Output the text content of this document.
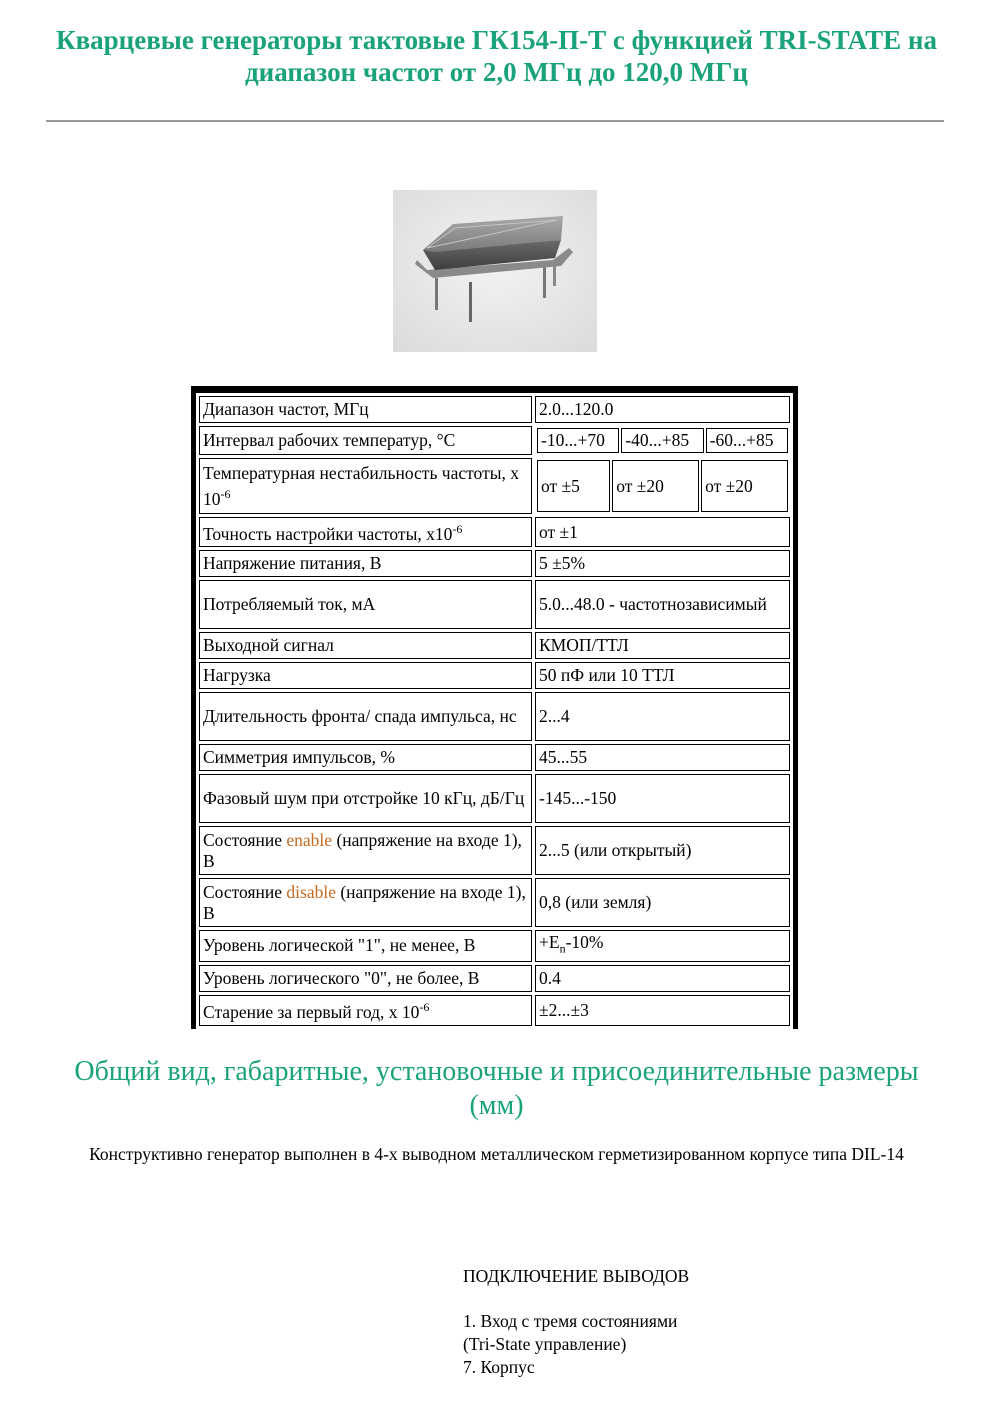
Кварцевые генераторы тактовые ГК154-П-Т с функцией TRI-STATE на диапазон частот от 2,0 МГц до 120,0 МГц
Диапазон частот, МГц	2.0...120.0
Интервал рабочих температур, °С		-10...+70	-40...+85	-60...+85

Температурная нестабильность частоты, х $10^{-6}$		от ±5	от ±20	от ±20

Точность настройки частоты, $х10^{-6}$	от ±1
Напряжение питания, В	5 ±5%
Потребляемый ток, мА	5.0...48.0 - частотнозависимый
Выходной сигнал	КМОП/ТТЛ
Нагрузка	50 пФ или 10 ТТЛ
Длительность фронта/ спада импульса, нс	2...4
Симметрия импульсов, %	45...55
Фазовый шум при отстройке 10 кГц, дБ/Гц	-145...-150
Состояние enable (напряжение на входе 1), В	2...5 (или открытый)
Состояние disable (напряжение на входе 1), В	0,8 (или земля)
Уровень логической "1", не менее, В	$+E_n-10\%$
Уровень логического "0", не более, В	0.4
Старение за первый год, х $10^{-6}$	±2...±3
Общий вид, габаритные, установочные и присоединительные размеры (мм)

Конструктивно генератор выполнен в 4-х выводном металлическом герметизированном корпусе типа DIL-14

ПОДКЛЮЧЕНИЕ ВЫВОДОВ
1. Вход с тремя состояниями
(Tri-State управление)
7. Корпус
